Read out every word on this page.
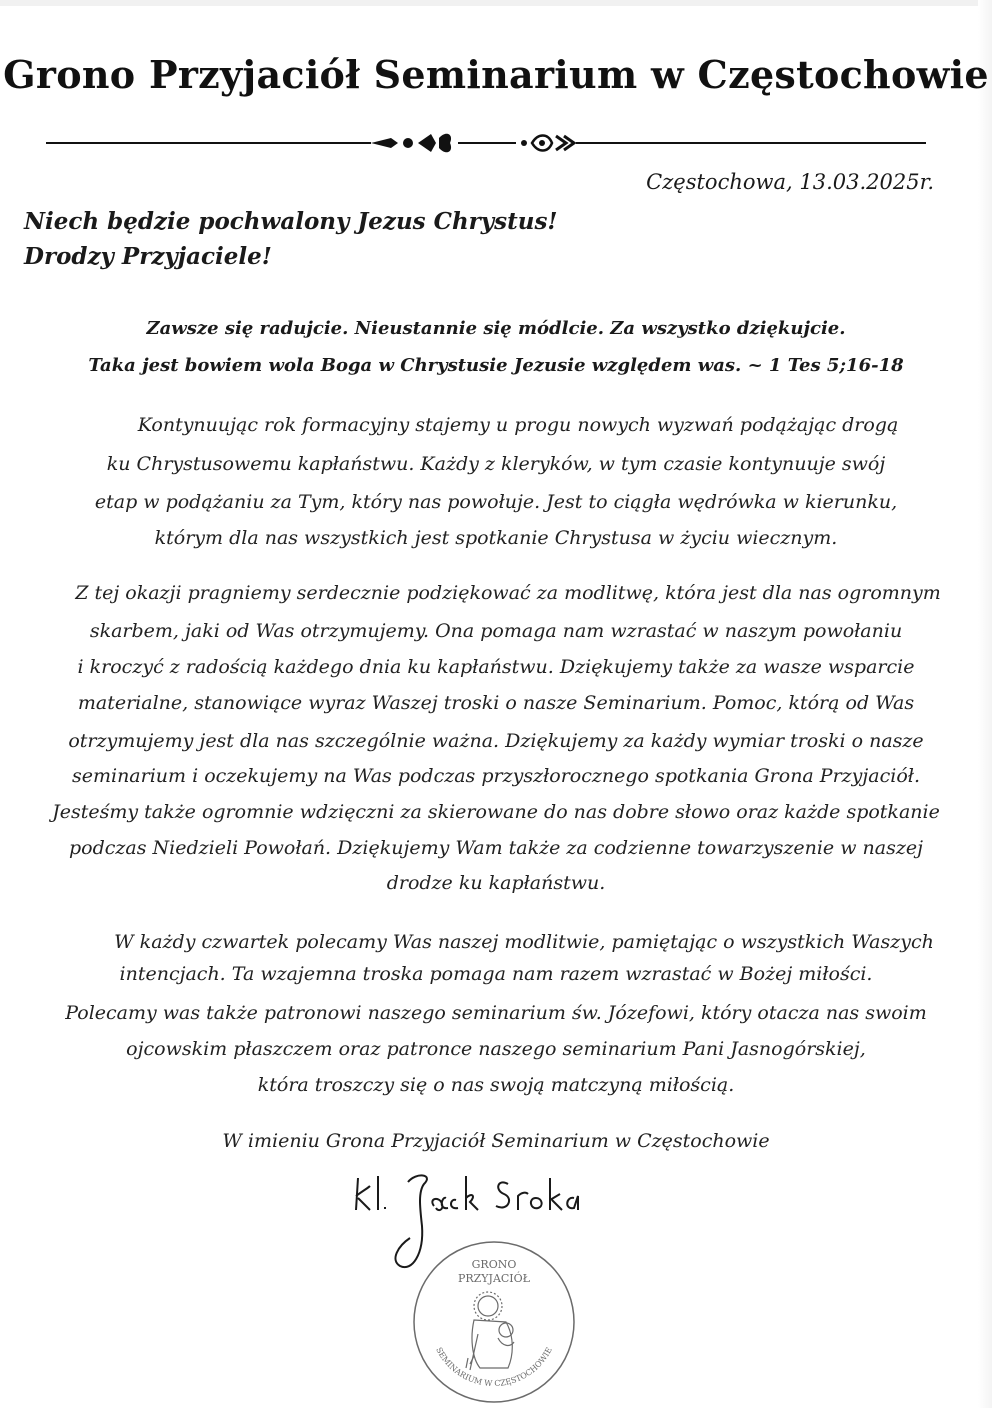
Grono Przyjaciół Seminarium w Częstochowie
Częstochowa, 13.03.2025r.
Niech będzie pochwalony Jezus Chrystus!
Drodzy Przyjaciele!
Zawsze się radujcie. Nieustannie się módlcie. Za wszystko dziękujcie.
Taka jest bowiem wola Boga w Chrystusie Jezusie względem was. ~ 1 Tes 5;16-18
Kontynuując rok formacyjny stajemy u progu nowych wyzwań podążając drogą
ku Chrystusowemu kapłaństwu. Każdy z kleryków, w tym czasie kontynuuje swój
etap w podążaniu za Tym, który nas powołuje. Jest to ciągła wędrówka w kierunku,
którym dla nas wszystkich jest spotkanie Chrystusa w życiu wiecznym.
Z tej okazji pragniemy serdecznie podziękować za modlitwę, która jest dla nas ogromnym
skarbem, jaki od Was otrzymujemy. Ona pomaga nam wzrastać w naszym powołaniu
i kroczyć z radością każdego dnia ku kapłaństwu. Dziękujemy także za wasze wsparcie
materialne, stanowiące wyraz Waszej troski o nasze Seminarium. Pomoc, którą od Was
otrzymujemy jest dla nas szczególnie ważna. Dziękujemy za każdy wymiar troski o nasze
seminarium i oczekujemy na Was podczas przyszłorocznego spotkania Grona Przyjaciół.
Jesteśmy także ogromnie wdzięczni za skierowane do nas dobre słowo oraz każde spotkanie
podczas Niedzieli Powołań. Dziękujemy Wam także za codzienne towarzyszenie w naszej
drodze ku kapłaństwu.
W każdy czwartek polecamy Was naszej modlitwie, pamiętając o wszystkich Waszych
intencjach. Ta wzajemna troska pomaga nam razem wzrastać w Bożej miłości.
Polecamy was także patronowi naszego seminarium św. Józefowi, który otacza nas swoim
ojcowskim płaszczem oraz patronce naszego seminarium Pani Jasnogórskiej,
która troszczy się o nas swoją matczyną miłością.
W imieniu Grona Przyjaciół Seminarium w Częstochowie
GRONO
PRZYJACIÓŁ
SEMINARIUM W CZĘSTOCHOWIE
